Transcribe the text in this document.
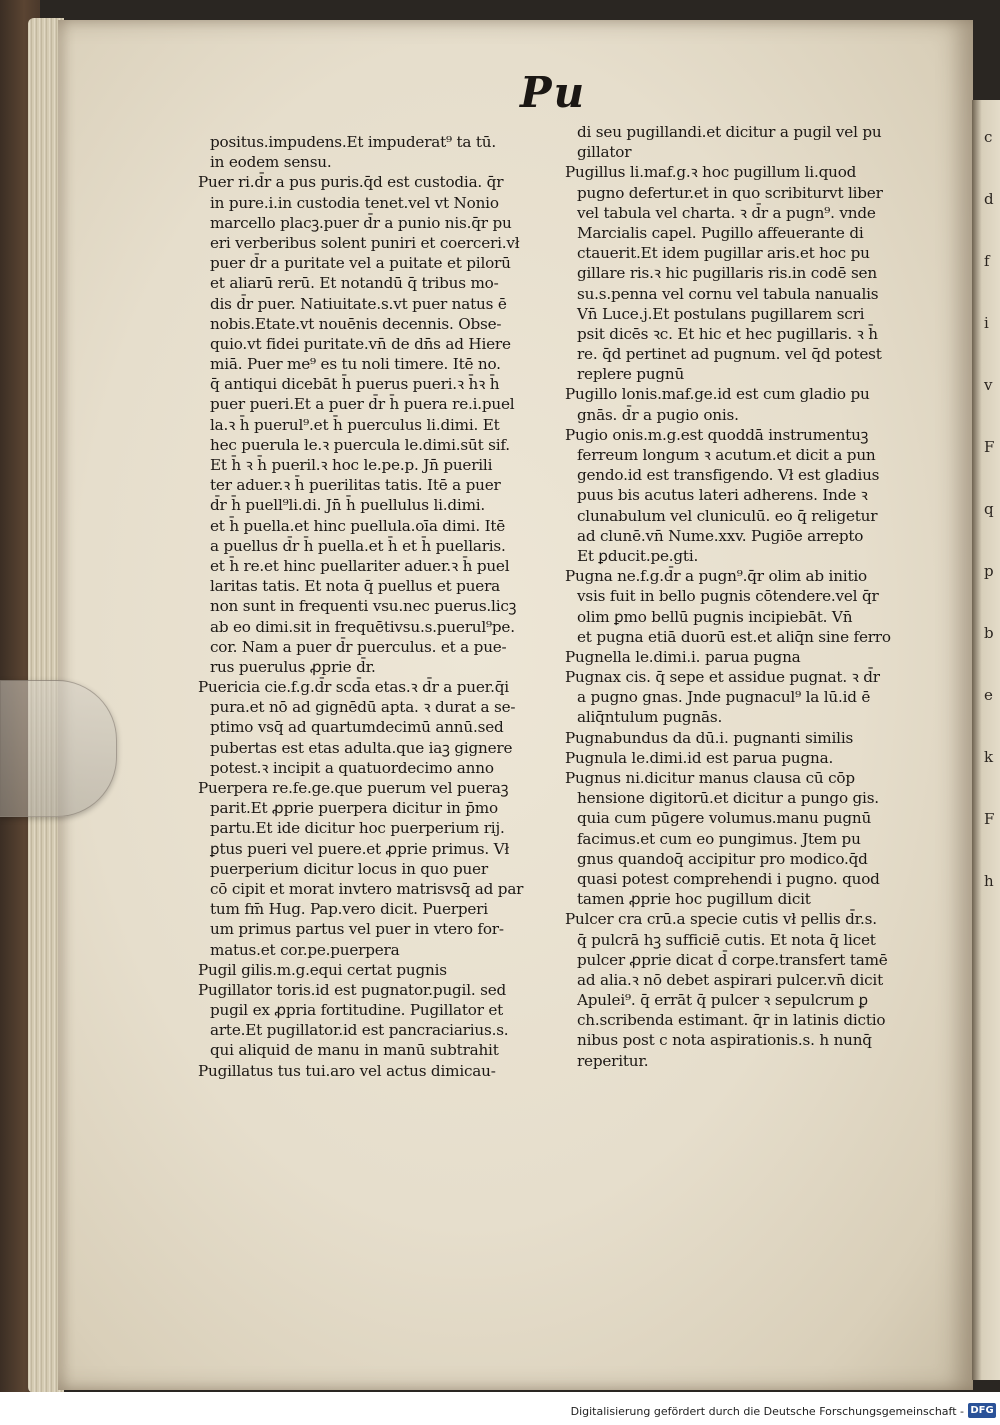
c
d
f
i
v
F
q
p
b
e
k
F
h
Pu
positus.impudens.Et impuderat⁹ ta tū.
in eodem sensu.
Puer ri.d̄r a pus puris.q̄d est custodia. q̄r
in pure.i.in custodia tenet.vel vt Nonio
marcello placꝫ.puer d̄r a punio nis.q̄r pu
eri verberibus solent puniri et coerceri.vł
puer d̄r a puritate vel a puitate et pilorū
et aliarū rerū. Et notandū q̄ tribus mo-
dis d̄r puer. Natiuitate.s.vt puer natus ē
nobis.Etate.vt nouēnis decennis. Obse-
quio.vt fidei puritate.vn̄ de dn̄s ad Hiere
miā. Puer me⁹ es tu noli timere. Itē no.
q̄ antiqui dicebāt h̄ puerus pueri.ꝛ h̄ꝛ h̄
puer pueri.Et a puer d̄r h̄ puera re.i.puel
la.ꝛ h̄ puerul⁹.et h̄ puerculus li.dimi. Et
hec puerula le.ꝛ puercula le.dimi.sūt sif.
Et h̄ ꝛ h̄ pueril.ꝛ hoc le.pe.p. Jn̄ puerili
ter aduer.ꝛ h̄ puerilitas tatis. Itē a puer
d̄r h̄ puell⁹li.di. Jn̄ h̄ puellulus li.dimi.
et h̄ puella.et hinc puellula.oīa dimi. Itē
a puellus d̄r h̄ puella.et h̄ et h̄ puellaris.
et h̄ re.et hinc puellariter aduer.ꝛ h̄ puel
laritas tatis. Et nota q̄ puellus et puera
non sunt in frequenti vsu.nec puerus.licꝫ
ab eo dimi.sit in frequētivsu.s.puerul⁹pe.
cor. Nam a puer d̄r puerculus. et a pue-
rus puerulus ꝓprie d̄r.
Puericia cie.f.g.d̄r scd̄a etas.ꝛ d̄r a puer.q̄i
pura.et nō ad gignēdū apta. ꝛ durat a se-
ptimo vsq̄ ad quartumdecimū annū.sed
pubertas est etas adulta.que iaꝫ gignere
potest.ꝛ incipit a quatuordecimo anno
Puerpera re.fe.ge.que puerum vel pueraꝫ
parit.Et ꝓprie puerpera dicitur in p̄mo
partu.Et ide dicitur hoc puerperium rij.
ꝑtus pueri vel puere.et ꝓprie primus. Vł
puerperium dicitur locus in quo puer
cō cipit et morat invtero matrisvsq̄ ad par
tum fm̄ Hug. Pap.vero dicit. Puerperi
um primus partus vel puer in vtero for-
matus.et cor.pe.puerpera
Pugil gilis.m.g.equi certat pugnis
Pugillator toris.id est pugnator.pugil. sed
pugil ex ꝓpria fortitudine. Pugillator et
arte.Et pugillator.id est pancraciarius.s.
qui aliquid de manu in manū subtrahit
Pugillatus tus tui.aro vel actus dimicau-
di seu pugillandi.et dicitur a pugil vel pu
gillator
Pugillus li.maf.g.ꝛ hoc pugillum li.quod
pugno defertur.et in quo scribiturvt liber
vel tabula vel charta. ꝛ d̄r a pugn⁹. vnde
Marcialis capel. Pugillo affeuerante di
ctauerit.Et idem pugillar aris.et hoc pu
gillare ris.ꝛ hic pugillaris ris.in codē sen
su.s.penna vel cornu vel tabula nanualis
Vn̄ Luce.j.Et postulans pugillarem scri
psit dicēs ꝛc. Et hic et hec pugillaris. ꝛ h̄
re. q̄d pertinet ad pugnum. vel q̄d potest
replere pugnū
Pugillo lonis.maf.ge.id est cum gladio pu
gnās. d̄r a pugio onis.
Pugio onis.m.g.est quoddā instrumentuꝫ
ferreum longum ꝛ acutum.et dicit a pun
gendo.id est transfigendo. Vł est gladius
puus bis acutus lateri adherens. Inde ꝛ
clunabulum vel cluniculū. eo q̄ religetur
ad clunē.vn̄ Nume.xxv. Pugiōe arrepto
Et ꝑducit.pe.gti.
Pugna ne.f.g.d̄r a pugn⁹.q̄r olim ab initio
vsis fuit in bello pugnis cōtendere.vel q̄r
olim ꝑmo bellū pugnis incipiebāt. Vn̄
et pugna etiā duorū est.et aliq̄n sine ferro
Pugnella le.dimi.i. parua pugna
Pugnax cis. q̄ sepe et assidue pugnat. ꝛ d̄r
a pugno gnas. Jnde pugnacul⁹ la lū.id ē
aliq̄ntulum pugnās.
Pugnabundus da dū.i. pugnanti similis
Pugnula le.dimi.id est parua pugna.
Pugnus ni.dicitur manus clausa cū cōp
hensione digitorū.et dicitur a pungo gis.
quia cum pūgere volumus.manu pugnū
facimus.et cum eo pungimus. Jtem pu
gnus quandoq̄ accipitur pro modico.q̄d
quasi potest comprehendi i pugno. quod
tamen ꝓprie hoc pugillum dicit
Pulcer cra crū.a specie cutis vł pellis d̄r.s.
q̄ pulcrā hꝫ sufficiē cutis. Et nota q̄ licet
pulcer ꝓprie dicat d̄ corpe.transfert tamē
ad alia.ꝛ nō debet aspirari pulcer.vn̄ dicit
Apulei⁹. q̄ errāt q̄ pulcer ꝛ sepulcrum ꝑ
ch.scribenda estimant. q̄r in latinis dictio
nibus post c nota aspirationis.s. h nunq̄
reperitur.
Digitalisierung gefördert durch die Deutsche Forschungsgemeinschaft - DFG
